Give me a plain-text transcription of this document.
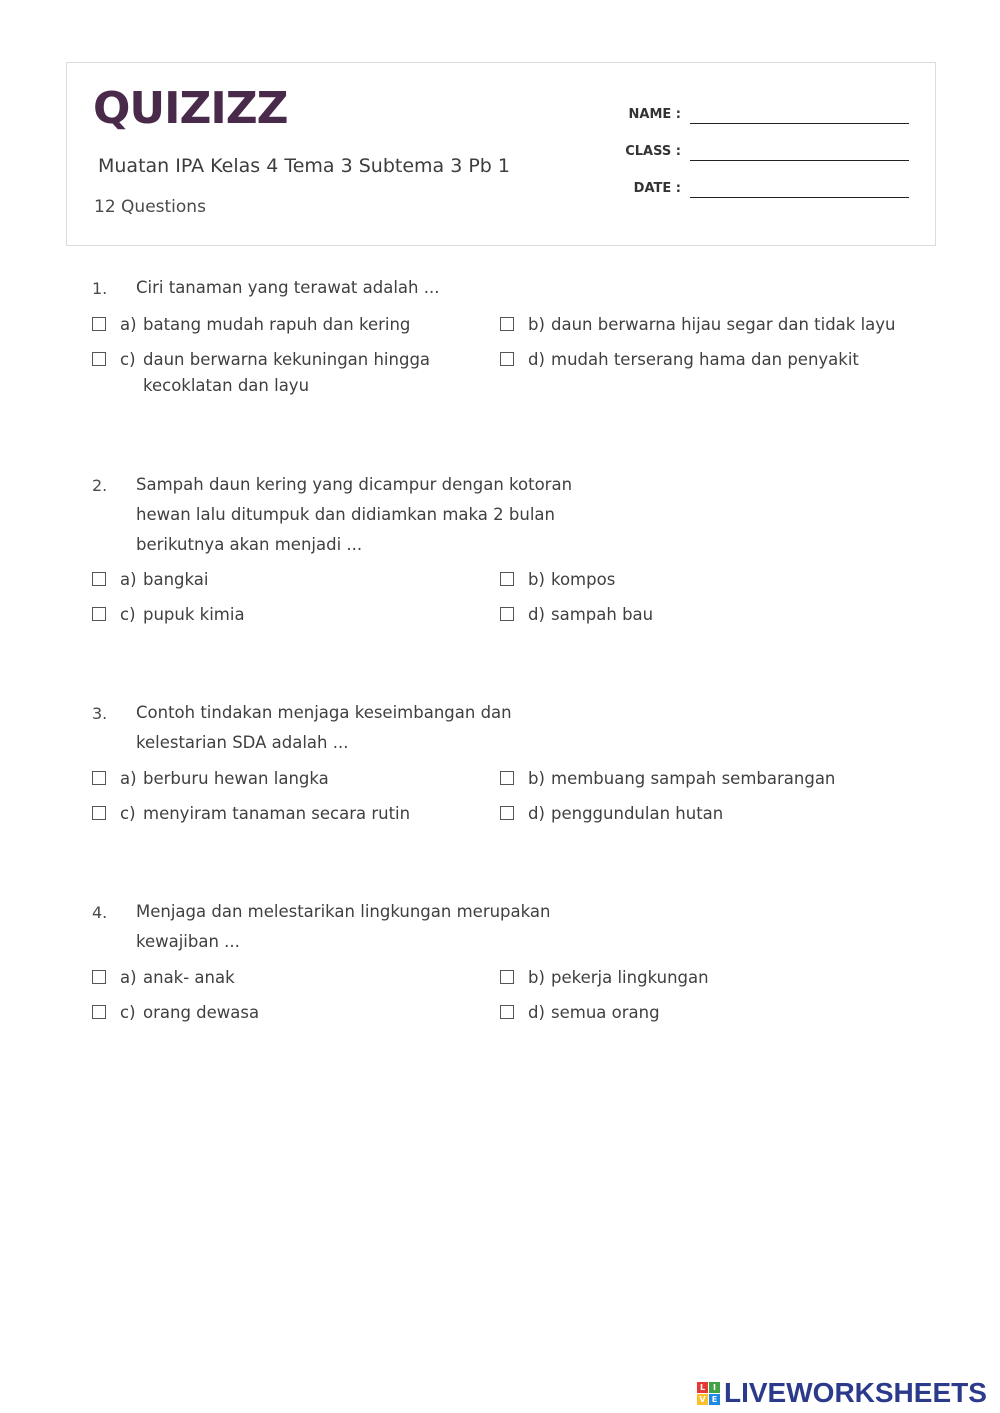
QUIZIZZ
Muatan IPA Kelas 4 Tema 3 Subtema 3 Pb 1
12 Questions
NAME :
CLASS :
DATE :
1. Ciri tanaman yang terawat adalah ...
a) batang mudah rapuh dan kering	b) daun berwarna hijau segar dan tidak layu
c) daun berwarna kekuningan hingga kecoklatan dan layu
d) mudah terserang hama dan penyakit
2. Sampah daun kering yang dicampur dengan kotoran hewan lalu ditumpuk dan didiamkan maka 2 bulan berikutnya akan menjadi ...
a) bangkai	b) kompos
c) pupuk kimia	d) sampah bau
3. Contoh tindakan menjaga keseimbangan dan kelestarian SDA adalah ...
a) berburu hewan langka	b) membuang sampah sembarangan
c) menyiram tanaman secara rutin	d) penggundulan hutan
4. Menjaga dan melestarikan lingkungan merupakan kewajiban ...
a) anak- anak	b) pekerja lingkungan
c) orang dewasa	d) semua orang
L I
V E LIVEWORKSHEETS
